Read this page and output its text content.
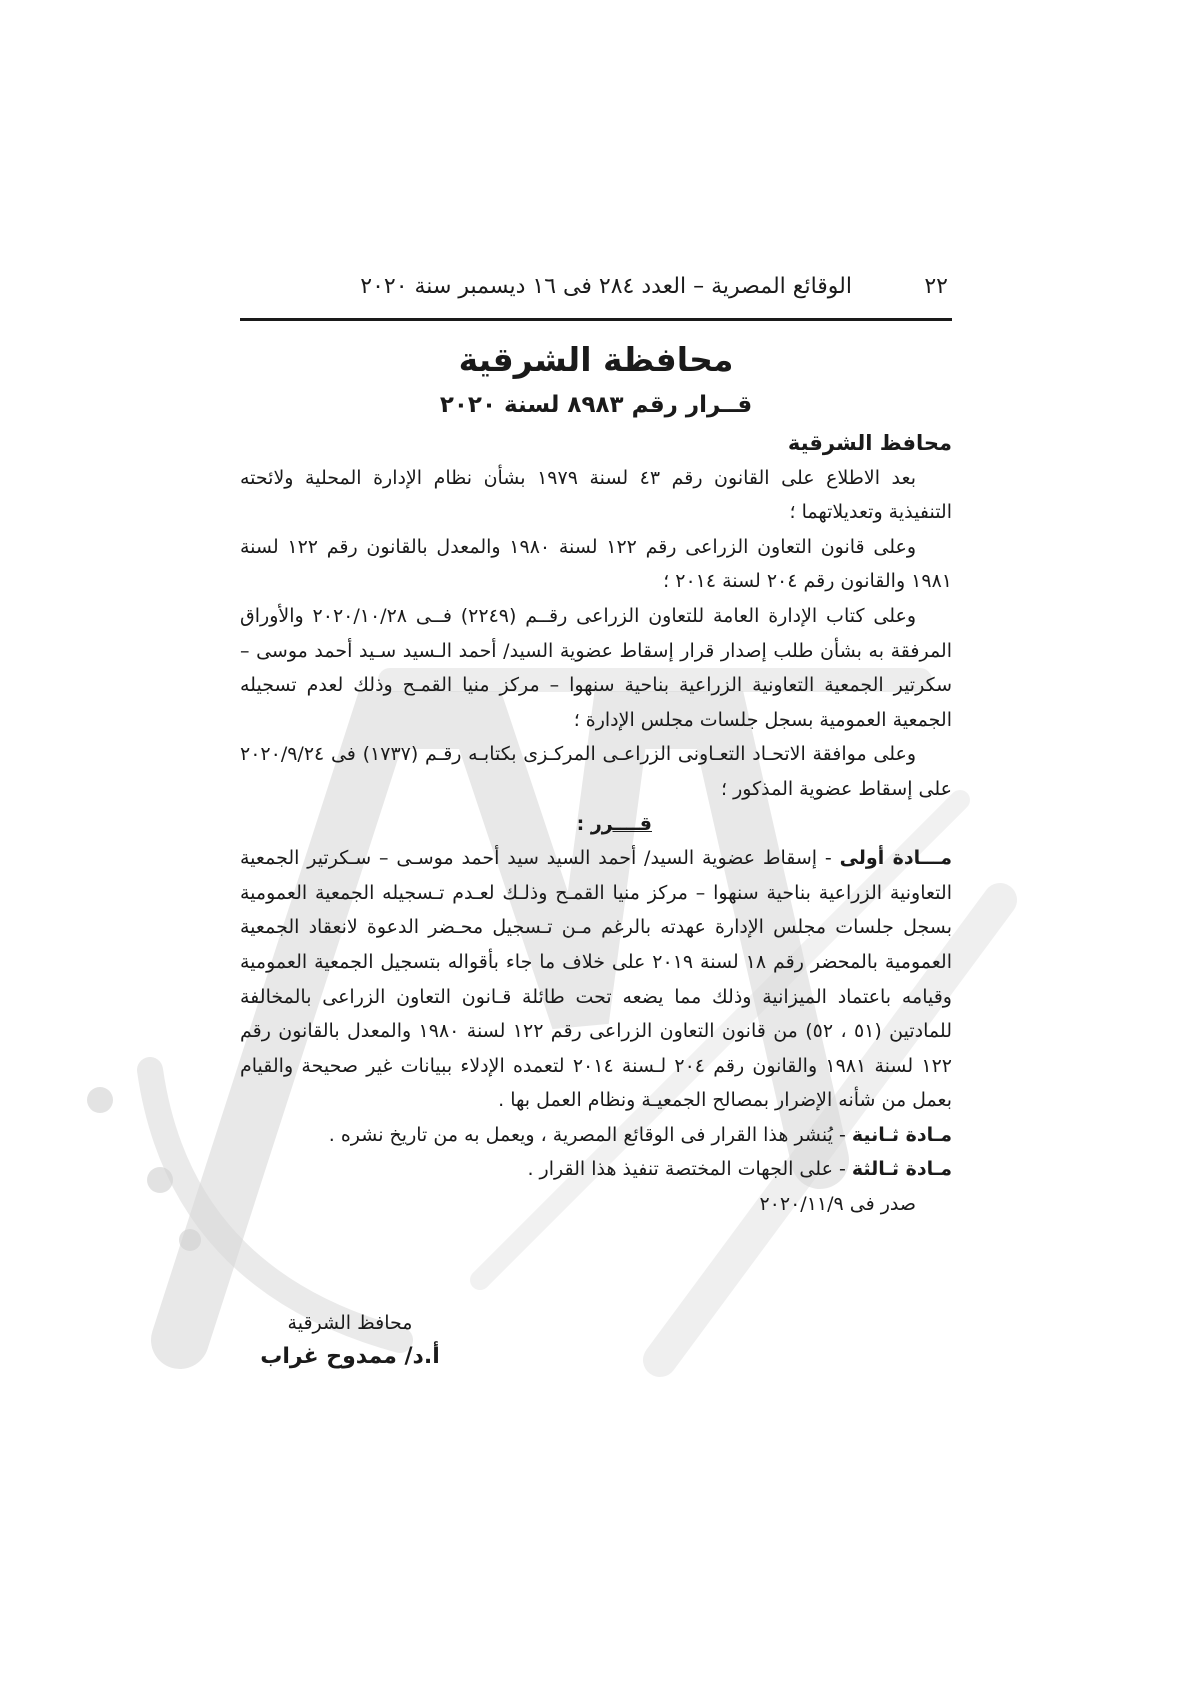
٢٢
الوقائع المصرية – العدد ٢٨٤ فى ١٦ ديسمبر سنة ٢٠٢٠
محافظة الشرقية
قــرار رقم ٨٩٨٣ لسنة ٢٠٢٠
محافظ الشرقية

بعد الاطلاع على القانون رقم ٤٣ لسنة ١٩٧٩ بشأن نظام الإدارة المحلية ولائحته التنفيذية وتعديلاتهما ؛

وعلى قانون التعاون الزراعى رقم ١٢٢ لسنة ١٩٨٠ والمعدل بالقانون رقم ١٢٢ لسنة ١٩٨١ والقانون رقم ٢٠٤ لسنة ٢٠١٤ ؛

وعلى كتاب الإدارة العامة للتعاون الزراعى رقــم (٢٢٤٩) فــى ٢٠٢٠/١٠/٢٨ والأوراق المرفقة به بشأن طلب إصدار قرار إسقاط عضوية السيد/ أحمد الـسيد سـيد أحمد موسى – سكرتير الجمعية التعاونية الزراعية بناحية سنهوا – مركز منيا القمـح وذلك لعدم تسجيله الجمعية العمومية بسجل جلسات مجلس الإدارة ؛

وعلى موافقة الاتحـاد التعـاونى الزراعـى المركـزى بكتابـه رقـم (١٧٣٧) فى ٢٠٢٠/٩/٢٤ على إسقاط عضوية المذكور ؛

قــــرر :

مـــادة أولى - إسقاط عضوية السيد/ أحمد السيد سيد أحمد موسـى – سـكرتير الجمعية التعاونية الزراعية بناحية سنهوا – مركز منيا القمـح وذلـك لعـدم تـسجيله الجمعية العمومية بسجل جلسات مجلس الإدارة عهدته بالرغم مـن تـسجيل محـضر الدعوة لانعقاد الجمعية العمومية بالمحضر رقم ١٨ لسنة ٢٠١٩ على خلاف ما جاء بأقواله بتسجيل الجمعية العمومية وقيامه باعتماد الميزانية وذلك مما يضعه تحت طائلة قـانون التعاون الزراعى بالمخالفة للمادتين (٥١ ، ٥٢) من قانون التعاون الزراعى رقم ١٢٢ لسنة ١٩٨٠ والمعدل بالقانون رقم ١٢٢ لسنة ١٩٨١ والقانون رقم ٢٠٤ لـسنة ٢٠١٤ لتعمده الإدلاء ببيانات غير صحيحة والقيام بعمل من شأنه الإضرار بمصالح الجمعيـة ونظام العمل بها .

مـادة ثـانية - يُنشر هذا القرار فى الوقائع المصرية ، ويعمل به من تاريخ نشره .

مـادة ثـالثة - على الجهات المختصة تنفيذ هذا القرار .

صدر فى ٢٠٢٠/١١/٩
محافظ الشرقية
أ.د/ ممدوح غراب
